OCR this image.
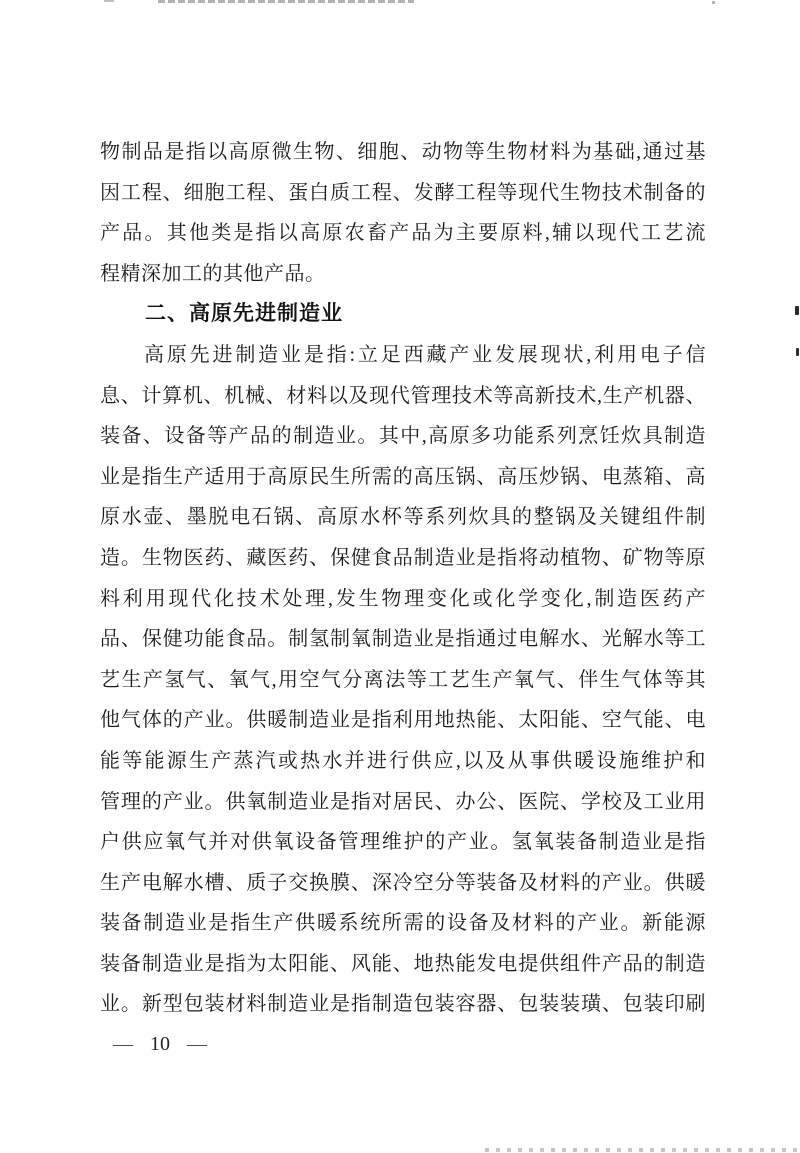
物制品是指以高原微生物、细胞、动物等生物材料为基础,通过基
因工程、细胞工程、蛋白质工程、发酵工程等现代生物技术制备的
产品。其他类是指以高原农畜产品为主要原料,辅以现代工艺流
程精深加工的其他产品。
二、高原先进制造业
高原先进制造业是指:立足西藏产业发展现状,利用电子信
息、计算机、机械、材料以及现代管理技术等高新技术,生产机器、
装备、设备等产品的制造业。其中,高原多功能系列烹饪炊具制造
业是指生产适用于高原民生所需的高压锅、高压炒锅、电蒸箱、高
原水壶、墨脱电石锅、高原水杯等系列炊具的整锅及关键组件制
造。生物医药、藏医药、保健食品制造业是指将动植物、矿物等原
料利用现代化技术处理,发生物理变化或化学变化,制造医药产
品、保健功能食品。制氢制氧制造业是指通过电解水、光解水等工
艺生产氢气、氧气,用空气分离法等工艺生产氧气、伴生气体等其
他气体的产业。供暖制造业是指利用地热能、太阳能、空气能、电
能等能源生产蒸汽或热水并进行供应,以及从事供暖设施维护和
管理的产业。供氧制造业是指对居民、办公、医院、学校及工业用
户供应氧气并对供氧设备管理维护的产业。氢氧装备制造业是指
生产电解水槽、质子交换膜、深冷空分等装备及材料的产业。供暖
装备制造业是指生产供暖系统所需的设备及材料的产业。新能源
装备制造业是指为太阳能、风能、地热能发电提供组件产品的制造
业。新型包装材料制造业是指制造包装容器、包装装璜、包装印刷
— 10 —
